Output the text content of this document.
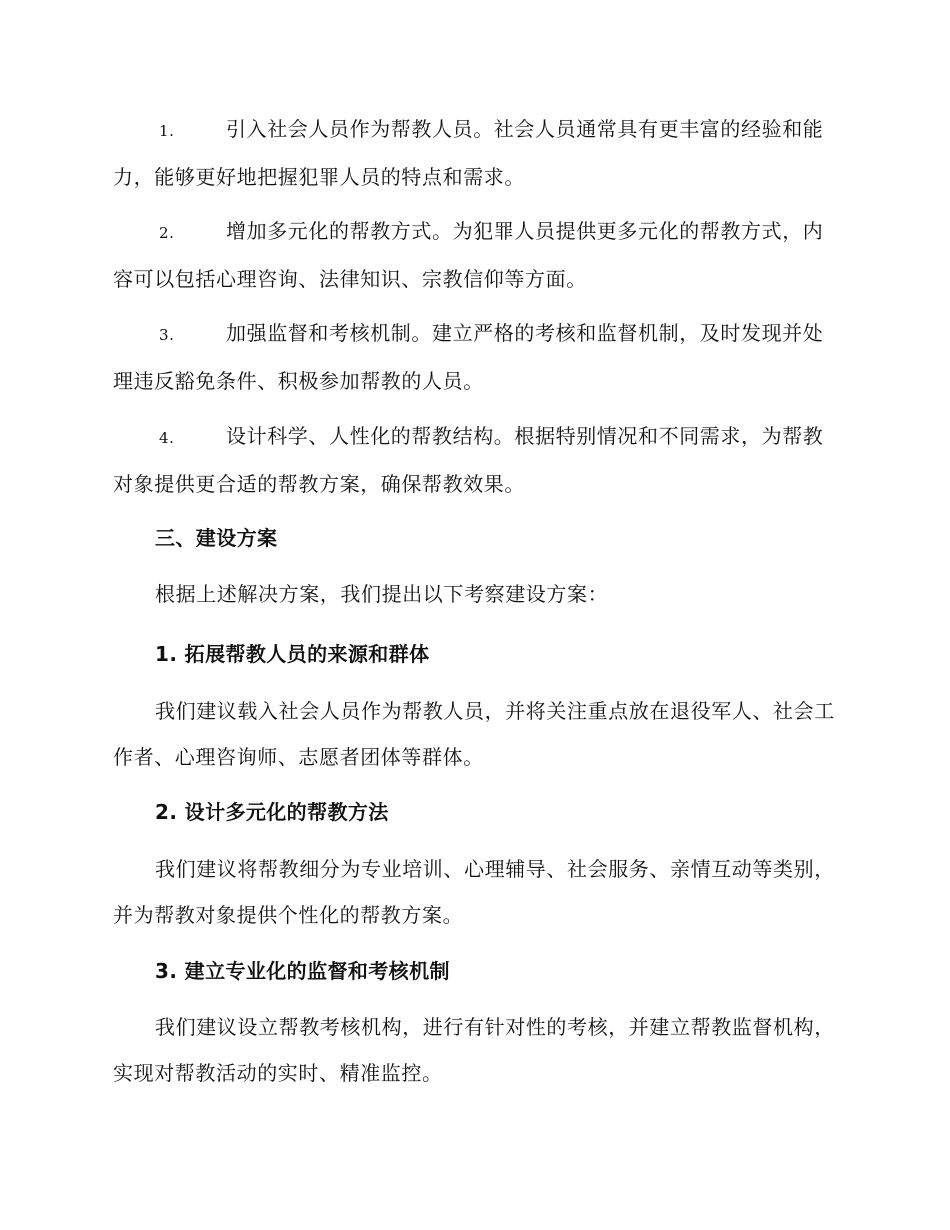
1.	引入社会人员作为帮教人员。社会人员通常具有更丰富的经验和能力，能够更好地把握犯罪人员的特点和需求。

2.	增加多元化的帮教方式。为犯罪人员提供更多元化的帮教方式，内容可以包括心理咨询、法律知识、宗教信仰等方面。

3.	加强监督和考核机制。建立严格的考核和监督机制，及时发现并处理违反豁免条件、积极参加帮教的人员。

4.	设计科学、人性化的帮教结构。根据特别情况和不同需求，为帮教对象提供更合适的帮教方案，确保帮教效果。

三、建设方案

根据上述解决方案，我们提出以下考察建设方案：

1. 拓展帮教人员的来源和群体

我们建议载入社会人员作为帮教人员，并将关注重点放在退役军人、社会工作者、心理咨询师、志愿者团体等群体。

2. 设计多元化的帮教方法

我们建议将帮教细分为专业培训、心理辅导、社会服务、亲情互动等类别，并为帮教对象提供个性化的帮教方案。

3. 建立专业化的监督和考核机制

我们建议设立帮教考核机构，进行有针对性的考核，并建立帮教监督机构，实现对帮教活动的实时、精准监控。
